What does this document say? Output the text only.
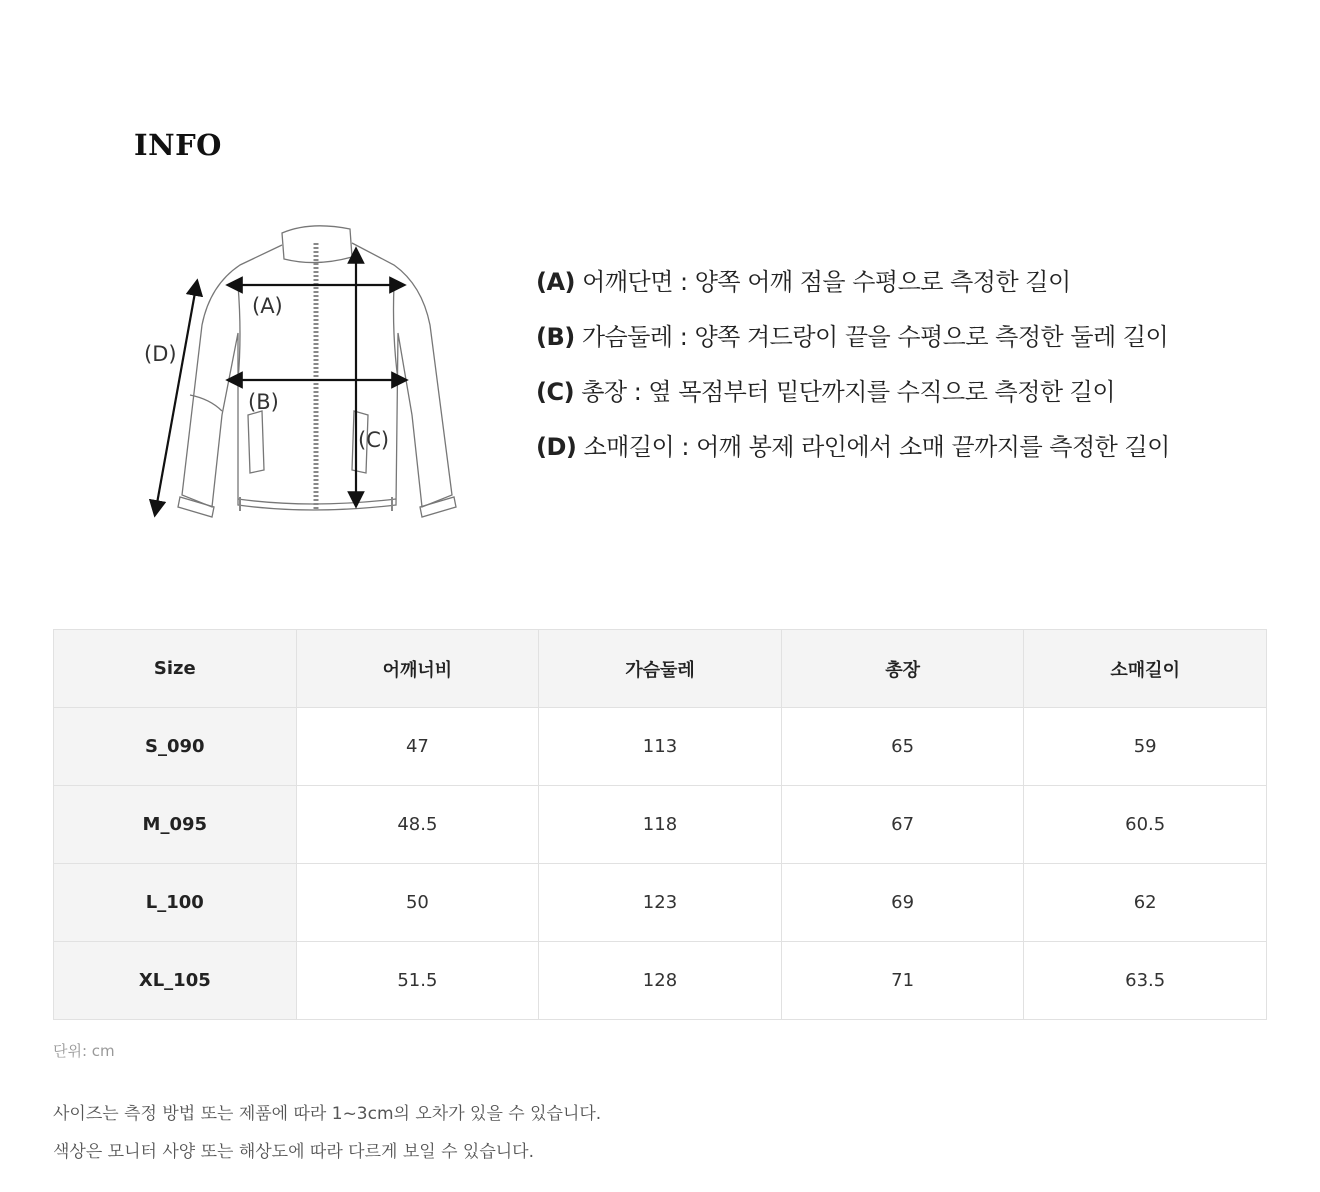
INFO
(A)
(B)
(C)
(D)
(A) 어깨단면 : 양쪽 어깨 점을 수평으로 측정한 길이
(B) 가슴둘레 : 양쪽 겨드랑이 끝을 수평으로 측정한 둘레 길이
(C) 총장 : 옆 목점부터 밑단까지를 수직으로 측정한 길이
(D) 소매길이 : 어깨 봉제 라인에서 소매 끝까지를 측정한 길이
Size	어깨너비	가슴둘레	총장	소매길이
S_090	47	113	65	59
M_095	48.5	118	67	60.5
L_100	50	123	69	62
XL_105	51.5	128	71	63.5
단위: cm
사이즈는 측정 방법 또는 제품에 따라 1~3cm의 오차가 있을 수 있습니다.
색상은 모니터 사양 또는 해상도에 따라 다르게 보일 수 있습니다.
